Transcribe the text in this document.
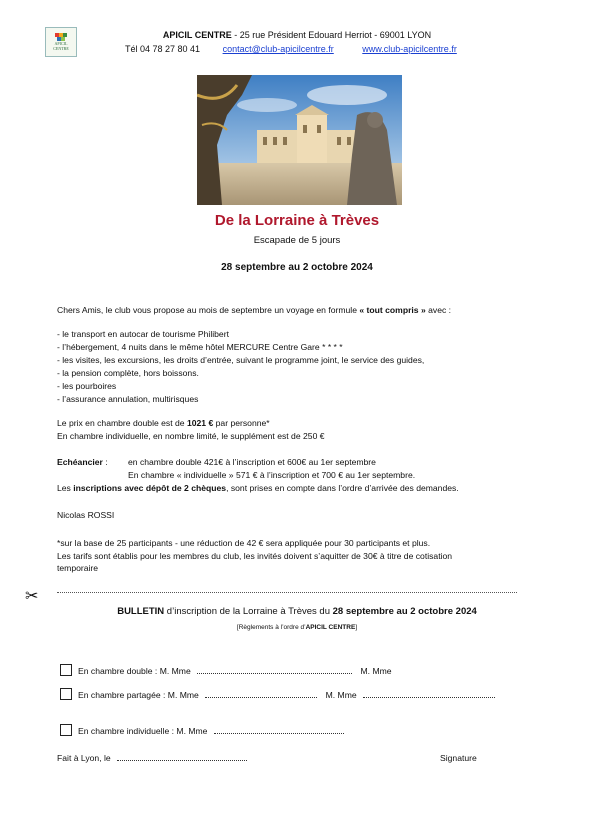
APICIL
CENTRE
APICIL CENTRE - 25 rue Président Edouard Herriot - 69001 LYON
Tél 04 78 27 80 41	contact@club-apicilcentre.fr	www.club-apicilcentre.fr
De la Lorraine à Trèves
Escapade de 5 jours
28 septembre au 2 octobre 2024
Chers Amis, le club vous propose au mois de septembre un voyage en formule « tout compris » avec :
- le transport en autocar de tourisme Philibert
- l’hébergement, 4 nuits dans le même hôtel MERCURE Centre Gare * * * *
- les visites, les excursions, les droits d’entrée, suivant le programme joint, le service des guides,
- la pension complète, hors boissons.
- les pourboires
- l’assurance annulation, multirisques
Le prix en chambre double est de 1021 € par personne*
En chambre individuelle, en nombre limité, le supplément est de 250 €
Echéancier : en chambre double 421€ à l’inscription et 600€ au 1er septembre
En chambre « individuelle » 571 € à l’inscription et 700 € au 1er septembre.
Les inscriptions avec dépôt de 2 chèques, sont prises en compte dans l’ordre d’arrivée des demandes.
Nicolas ROSSI
*sur la base de 25 participants - une réduction de 42 € sera appliquée pour 30 participants et plus.
Les tarifs sont établis pour les membres du club, les invités doivent s’aquitter de 30€ à titre de cotisation
temporaire
✂
BULLETIN d’inscription de la Lorraine à Trèves du 28 septembre au 2 octobre 2024
[Règlements à l’ordre d’APICIL CENTRE]
En chambre double : M. Mme	M. Mme
En chambre partagée : M. Mme	M. Mme
En chambre individuelle : M. Mme
Fait à Lyon, le	Signature
